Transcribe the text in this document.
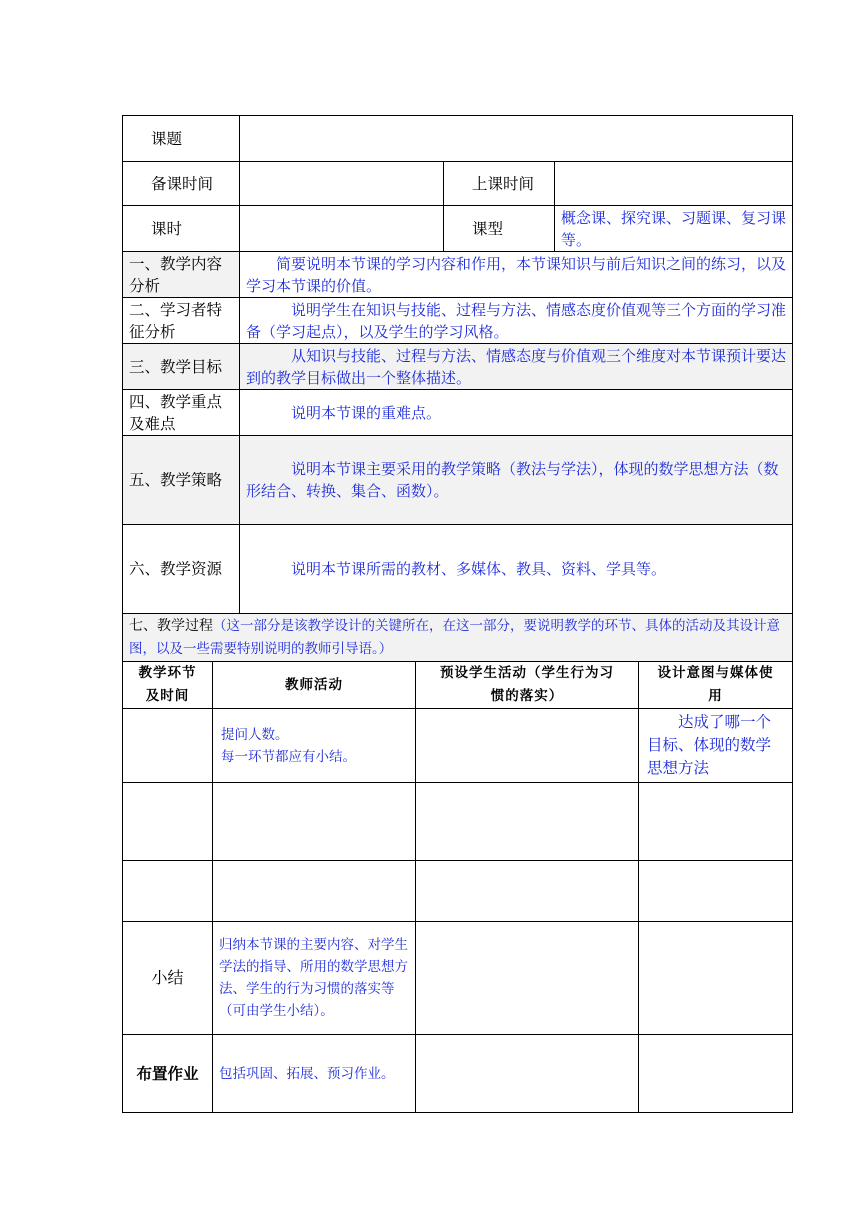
课题			
备课时间		上课时间	
课时		课型	概念课、探究课、习题课、复习课等。
一、教学内容分析	简要说明本节课的学习内容和作用，本节课知识与前后知识之间的练习，以及学习本节课的价值。		

二、学习者特征分析	说明学生在知识与技能、过程与方法、情感态度价值观等三个方面的学习准备（学习起点），以及学生的学习风格。		

三、教学目标	从知识与技能、过程与方法、情感态度与价值观三个维度对本节课预计要达到的教学目标做出一个整体描述。		

四、教学重点及难点	说明本节课的重难点。		

五、教学策略	说明本节课主要采用的教学策略（教法与学法），体现的数学思想方法（数形结合、转换、集合、函数）。		

六、教学资源	说明本节课所需的教材、多媒体、教具、资料、学具等。		

七、教学过程（这一部分是该教学设计的关键所在，在这一部分，要说明教学的环节、具体的活动及其设计意图，以及一些需要特别说明的教师引导语。）			
教学环节及时间	教师活动	预设学生活动（学生行为习惯的落实）	设计意图与媒体使用

	提问人数。
每一环节都应有小结。		达成了哪一个目标、体现的数学思想方法

小结	归纳本节课的主要内容、对学生学法的指导、所用的数学思想方法、学生的行为习惯的落实等（可由学生小结）。		

布置作业	包括巩固、拓展、预习作业。		
